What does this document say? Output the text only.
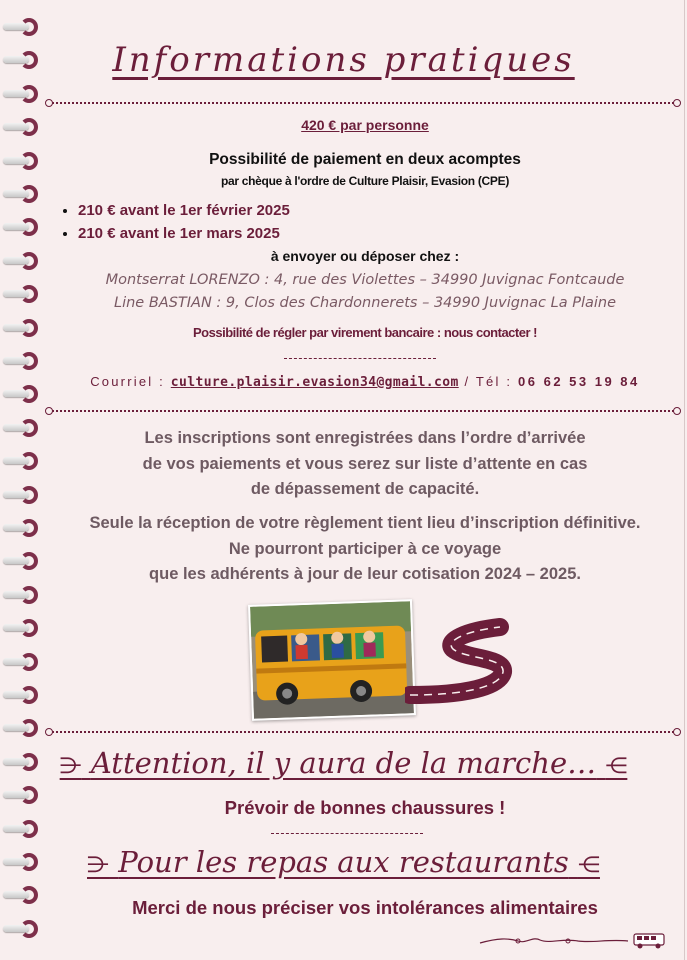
Informations pratiques
420 € par personne
Possibilité de paiement en deux acomptes
par chèque à l'ordre de Culture Plaisir, Evasion (CPE)
• 210 € avant le 1er février 2025
• 210 € avant le 1er mars 2025
à envoyer ou déposer chez :
Montserrat LORENZO : 4, rue des Violettes – 34990 Juvignac Fontcaude
Line BASTIAN : 9, Clos des Chardonnerets – 34990 Juvignac La Plaine
Possibilité de régler par virement bancaire : nous contacter !
Courriel : culture.plaisir.evasion34@gmail.com / Tél : 06 62 53 19 84
Les inscriptions sont enregistrées dans l’ordre d’arrivée
de vos paiements et vous serez sur liste d’attente en cas
de dépassement de capacité.
Seule la réception de votre règlement tient lieu d’inscription définitive.
Ne pourront participer à ce voyage
que les adhérents à jour de leur cotisation 2024 – 2025.
⋺ Attention, il y aura de la marche… ⋲
Prévoir de bonnes chaussures !
⋺ Pour les repas aux restaurants ⋲
Merci de nous préciser vos intolérances alimentaires
